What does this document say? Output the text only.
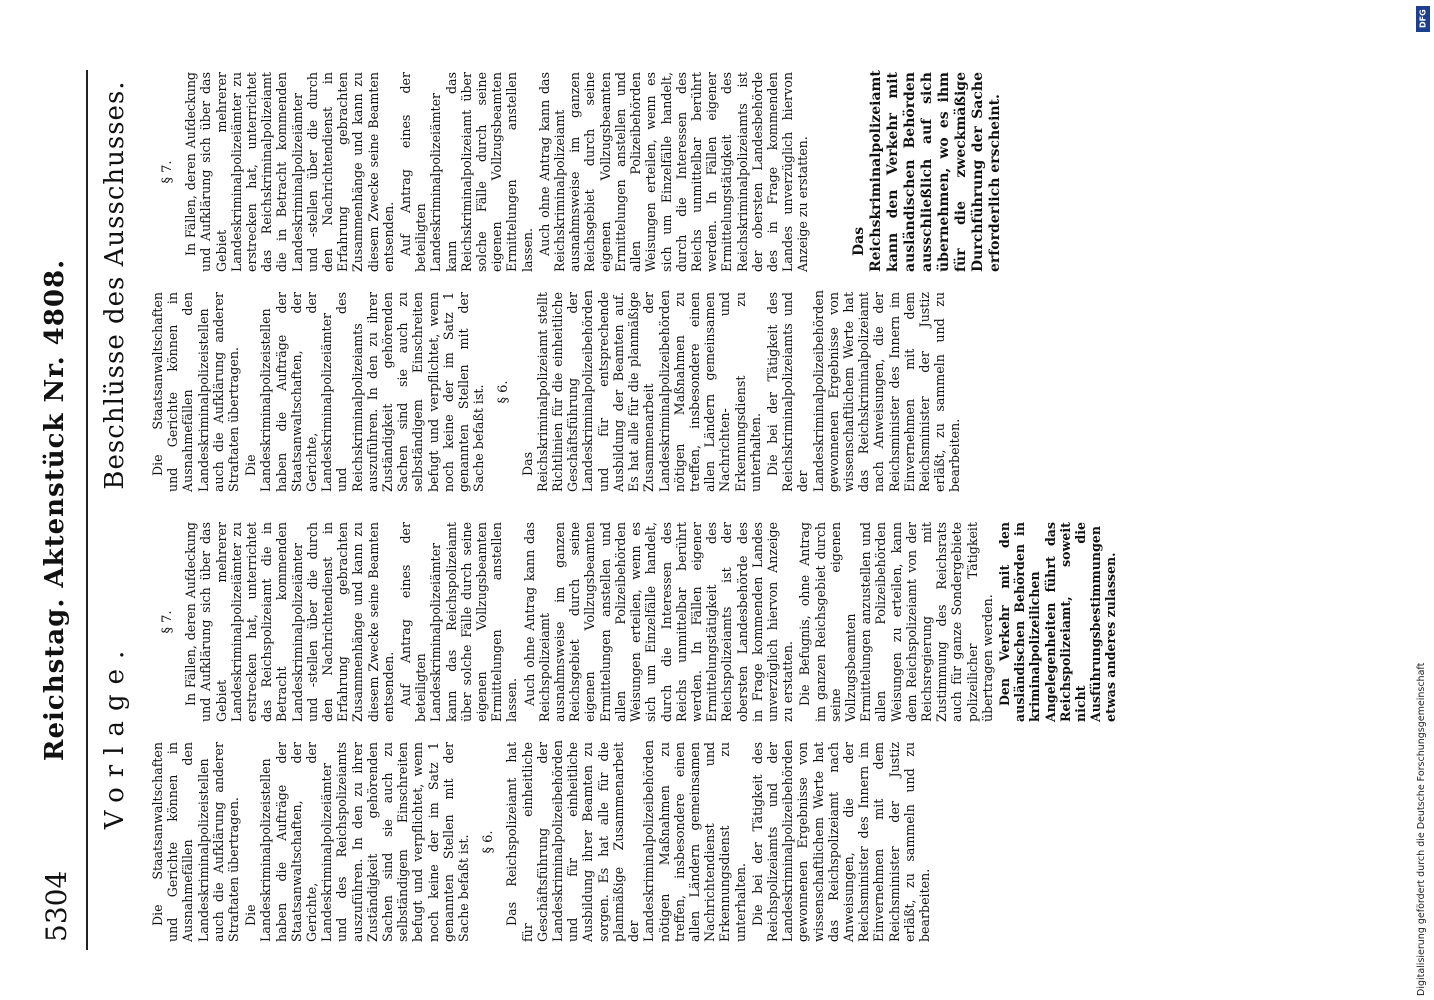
5304
Reichstag. Aktenstück Nr. 4808. Vorlage.
Beschlüsse des Ausschusses.

Die Staatsanwaltschaften und Gerichte können in Ausnahmefällen den Landeskriminalpolizeistellen auch die Aufklärung anderer Straftaten übertragen. Die Landeskriminalpolizeistellen haben die Aufträge der Staatsanwaltschaften, der Gerichte, der Landeskriminalpolizeiämter und des Reichspolizeiamts auszuführen. In den zu ihrer Zuständigkeit gehörenden Sachen sind sie auch zu selbständigem Einschreiten befugt und verpflichtet, wenn noch keine der im Satz 1 genannten Stellen mit der Sache befaßt ist. § 6. Das Reichspolizeiamt hat für einheitliche Geschäftsführung der Landeskriminalpolizeibehörden und für einheitliche Ausbildung ihrer Beamten zu sorgen. Es hat alle für die planmäßige Zusammenarbeit der Landeskriminalpolizeibehörden nötigen Maßnahmen zu treffen, insbesondere einen allen Ländern gemeinsamen Nachrichtendienst und Erkennungsdienst zu unterhalten. Die bei der Tätigkeit des Reichspolizeiamts und der Landeskriminalpolizeibehörden gewonnenen Ergebnisse von wissenschaftlichem Werte hat das Reichspolizeiamt nach Anweisungen, die der Reichsminister des Innern im Einvernehmen mit dem Reichsminister der Justiz erläßt, zu sammeln und zu bearbeiten.

§ 7. In Fällen, deren Aufdeckung und Aufklärung sich über das Gebiet mehrerer Landeskriminalpolizeiämter zu erstrecken hat, unterrichtet das Reichspolizeiamt die in Betracht kommenden Landeskriminalpolizeiämter und -stellen über die durch den Nachrichtendienst in Erfahrung gebrachten Zusammenhänge und kann zu diesem Zwecke seine Beamten entsenden. Auf Antrag eines der beteiligten Landeskriminalpolizeiämter kann das Reichspolizeiamt über solche Fälle durch seine eigenen Vollzugsbeamten Ermittelungen anstellen lassen. Auch ohne Antrag kann das Reichspolizeiamt ausnahmsweise im ganzen Reichsgebiet durch seine eigenen Vollzugsbeamten Ermittelungen anstellen und allen Polizeibehörden Weisungen erteilen, wenn es sich um Einzelfälle handelt, durch die Interessen des Reichs unmittelbar berührt werden. In Fällen eigener Ermittelungstätigkeit des Reichspolizeiamts ist der obersten Landesbehörde des in Frage kommenden Landes unverzüglich hiervon Anzeige zu erstatten. Die Befugnis, ohne Antrag im ganzen Reichsgebiet durch seine eigenen Vollzugsbeamten Ermittelungen anzustellen und allen Polizeibehörden Weisungen zu erteilen, kann dem Reichspolizeiamt von der Reichsregierung mit Zustimmung des Reichsrats auch für ganze Sondergebiete polizeilicher Tätigkeit übertragen werden. Den Verkehr mit den ausländischen Behörden in kriminalpolizeilichen Angelegenheiten führt das Reichspolizeiamt, soweit nicht die Ausführungsbestimmungen etwas anderes zulassen.

Die Staatsanwaltschaften und Gerichte können in Ausnahmefällen den Landeskriminalpolizeistellen auch die Aufklärung anderer Straftaten übertragen. Die Landeskriminalpolizeistellen haben die Aufträge der Staatsanwaltschaften, der Gerichte, der Landeskriminalpolizeiämter und des Reichskriminalpolizeiamts auszuführen. In den zu ihrer Zuständigkeit gehörenden Sachen sind sie auch zu selbständigem Einschreiten befugt und verpflichtet, wenn noch keine der im Satz 1 genannten Stellen mit der Sache befaßt ist. § 6.

Das Reichskriminalpolizeiamt stellt Richtlinien für die einheitliche Geschäftsführung der Landeskriminalpolizeibehörden und für entsprechende Ausbildung der Beamten auf. Es hat alle für die planmäßige Zusammenarbeit der Landeskriminalpolizeibehörden nötigen Maßnahmen zu treffen, insbesondere einen allen Ländern gemeinsamen Nachrichten- und Erkennungsdienst zu unterhalten. Die bei der Tätigkeit des Reichskriminalpolizeiamts und der Landeskriminalpolizeibehörden gewonnenen Ergebnisse von wissenschaftlichem Werte hat das Reichskriminalpolizeiamt nach Anweisungen, die der Reichsminister des Innern im Einvernehmen mit dem Reichsminister der Justiz erläßt, zu sammeln und zu bearbeiten.

§ 7. In Fällen, deren Aufdeckung und Aufklärung sich über das Gebiet mehrerer Landeskriminalpolizeiämter zu erstrecken hat, unterrichtet das Reichskriminalpolizeiamt die in Betracht kommenden Landeskriminalpolizeiämter und -stellen über die durch den Nachrichtendienst in Erfahrung gebrachten Zusammenhänge und kann zu diesem Zwecke seine Beamten entsenden. Auf Antrag eines der beteiligten Landeskriminalpolizeiämter kann das Reichskriminalpolizeiamt über solche Fälle durch seine eigenen Vollzugsbeamten Ermittelungen anstellen lassen. Auch ohne Antrag kann das Reichskriminalpolizeiamt ausnahmsweise im ganzen Reichsgebiet durch seine eigenen Vollzugsbeamten Ermittelungen anstellen und allen Polizeibehörden Weisungen erteilen, wenn es sich um Einzelfälle handelt, durch die Interessen des Reichs unmittelbar berührt werden. In Fällen eigener Ermittelungstätigkeit des Reichskriminalpolizeiamts ist der obersten Landesbehörde des in Frage kommenden Landes unverzüglich hiervon Anzeige zu erstatten.	Das Reichskriminalpolizeiamt kann den Verkehr mit ausländischen Behörden ausschließlich auf sich übernehmen, wo es ihm für die zweckmäßige Durchführung der Sache erforderlich erscheint.

DFG
Digitalisierung gefördert durch die Deutsche Forschungsgemeinschaft
